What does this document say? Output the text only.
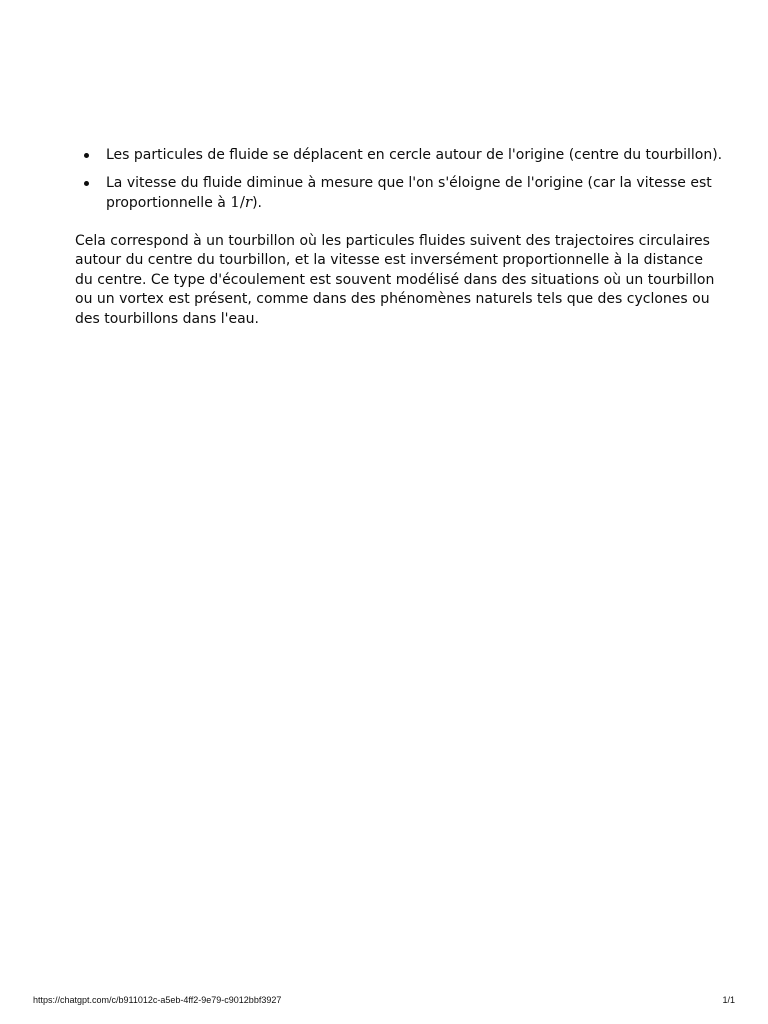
Les particules de fluide se déplacent en cercle autour de l'origine (centre du tourbillon).
La vitesse du fluide diminue à mesure que l'on s'éloigne de l'origine (car la vitesse est proportionnelle à 1/r).

Cela correspond à un tourbillon où les particules fluides suivent des trajectoires circulaires autour du centre du tourbillon, et la vitesse est inversément proportionnelle à la distance du centre. Ce type d'écoulement est souvent modélisé dans des situations où un tourbillon ou un vortex est présent, comme dans des phénomènes naturels tels que des cyclones ou des tourbillons dans l'eau.

https://chatgpt.com/c/b911012c-a5eb-4ff2-9e79-c9012bbf3927	1/1
